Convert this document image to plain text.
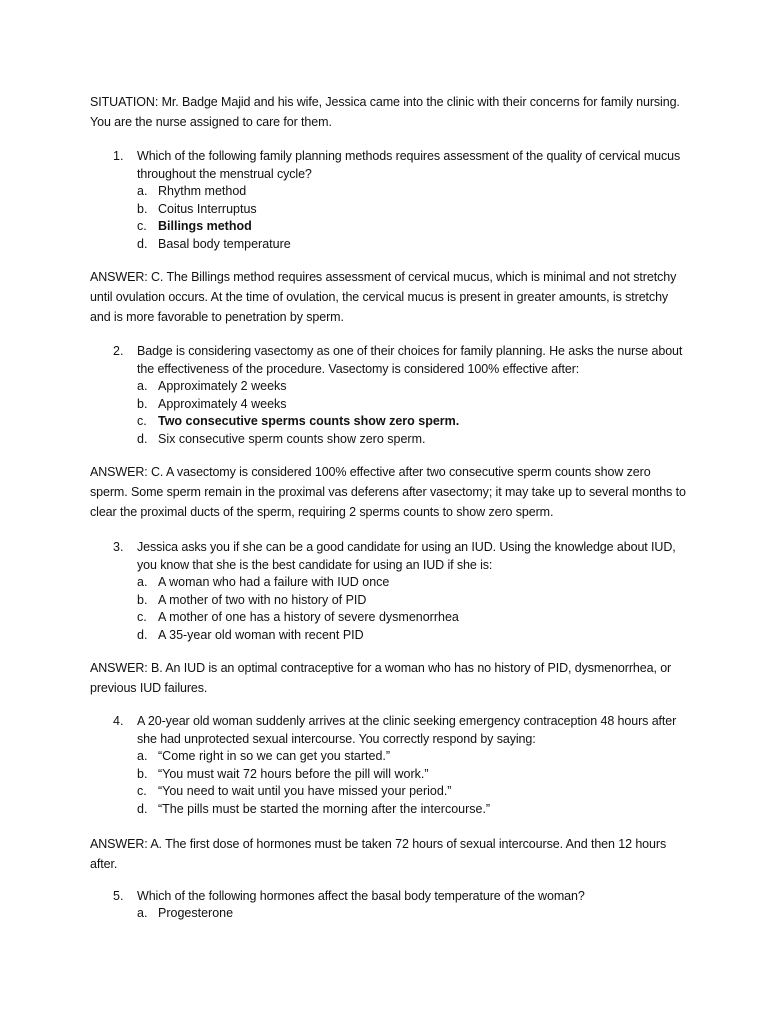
SITUATION: Mr. Badge Majid and his wife, Jessica came into the clinic with their concerns for family nursing. You are the nurse assigned to care for them.

1. Which of the following family planning methods requires assessment of the quality of cervical mucus throughout the menstrual cycle?

a. Rhythm method
b. Coitus Interruptus
c. Billings method
d. Basal body temperature

ANSWER: C. The Billings method requires assessment of cervical mucus, which is minimal and not stretchy until ovulation occurs. At the time of ovulation, the cervical mucus is present in greater amounts, is stretchy and is more favorable to penetration by sperm.

2. Badge is considering vasectomy as one of their choices for family planning. He asks the nurse about the effectiveness of the procedure. Vasectomy is considered 100% effective after:

a. Approximately 2 weeks
b. Approximately 4 weeks
c. Two consecutive sperms counts show zero sperm.
d. Six consecutive sperm counts show zero sperm.

ANSWER: C. A vasectomy is considered 100% effective after two consecutive sperm counts show zero sperm. Some sperm remain in the proximal vas deferens after vasectomy; it may take up to several months to clear the proximal ducts of the sperm, requiring 2 sperms counts to show zero sperm.

3. Jessica asks you if she can be a good candidate for using an IUD. Using the knowledge about IUD, you know that she is the best candidate for using an IUD if she is:

a. A woman who had a failure with IUD once
b. A mother of two with no history of PID
c. A mother of one has a history of severe dysmenorrhea
d. A 35-year old woman with recent PID

ANSWER: B. An IUD is an optimal contraceptive for a woman who has no history of PID, dysmenorrhea, or previous IUD failures.

4. A 20-year old woman suddenly arrives at the clinic seeking emergency contraception 48 hours after she had unprotected sexual intercourse. You correctly respond by saying:

a. “Come right in so we can get you started.”
b. “You must wait 72 hours before the pill will work.”
c. “You need to wait until you have missed your period.”
d. “The pills must be started the morning after the intercourse.”

ANSWER: A. The first dose of hormones must be taken 72 hours of sexual intercourse. And then 12 hours after.

5. Which of the following hormones affect the basal body temperature of the woman?

a. Progesterone
